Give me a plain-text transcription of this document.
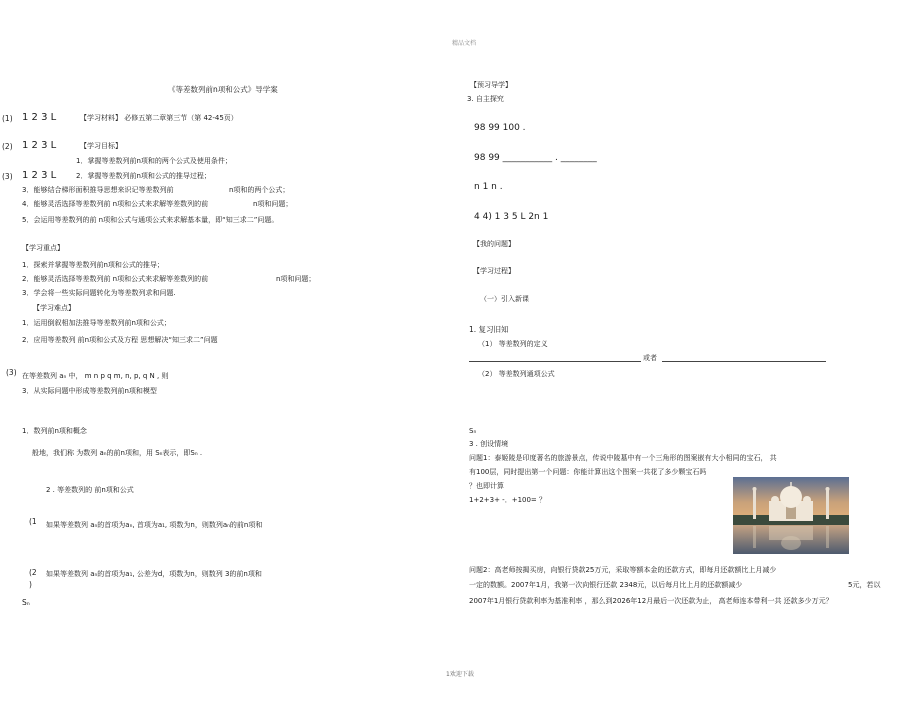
精品文档
1欢迎下载
《等差数列前n项和公式》导学案
(1) 1 2 3 L	【学习材料】 必修五第二章第三节（第 42-45页）
(2) 1 2 3 L	【学习目标】
1．掌握等差数列前n项和的两个公式及使用条件；
(3) 1 2 3 L	2．掌握等差数列前n项和公式的推导过程；
3．能够结合梯形面积推导思想来识记等差数列前	n项和的两个公式；
4．能够灵活选择等差数列前 n项和公式来求解等差数列的前	n项和问题；
5．会运用等差数列的前 n项和公式与通项公式来求解基本量，即“知三求二”问题。
【学习重点】
1．探索并掌握等差数列前n项和公式的推导；
2．能够灵活选择等差数列前 n项和公式来求解等差数列的前	n项和问题；
3．学会将一些实际问题转化为等差数列求和问题.
【学习难点】
1．运用倒叙相加法推导等差数列前n项和公式；
2．应用等差数列 前n项和公式及方程 思想解决“知三求二”问题
(3) 在等差数列 aₙ 中， m n p q m, n, p, q N , 则
3．从实际问题中形成等差数列前n项和模型
1．数列前n项和概念
般地，我们称 为数列 aₙ的前n项和，用 Sₙ表示，即Sₙ .
2 . 等差数列的 前n项和公式
(1 如果等差数列 aₙ的首项为aₙ, 首项为a₁, 项数为n，则数列aₙ的前n项和
(2
)
如果等差数列 aₙ的首项为a₁, 公差为d，项数为n，则数列 3的前n项和
Sₙ
【预习导学】
3. 自主探究
98 99 100 .
98 99 ___________ . ________
n 1 n .
4 4) 1 3 5 L 2n 1
【我的问题】
【学习过程】
（一）引入新课
1. 复习旧知
（1） 等差数列的定义
或者
（2） 等差数列通项公式
Sₙ
3 . 创设情境
问题1：泰姬陵是印度著名的旅游景点，传说中陵墓中有一个三角形的图案嵌有大小相同的宝石， 共
有100层，同时提出第一个问题：你能计算出这个图案一共花了多少颗宝石吗
？也即计算
1+2+3+ -．+100= ？
问题2：高老师按揭买房，向银行贷款25万元，采取等额本金的还款方式，即每月还款额比上月减少
一定的数额。2007年1月，我第一次向银行还款 2348元，以后每月比上月的还款额减少	5元，若以
2007年1月银行贷款利率为基准利率 ，那么到2026年12月最后一次还款为止， 高老师连本带利一共 还款多少万元？
